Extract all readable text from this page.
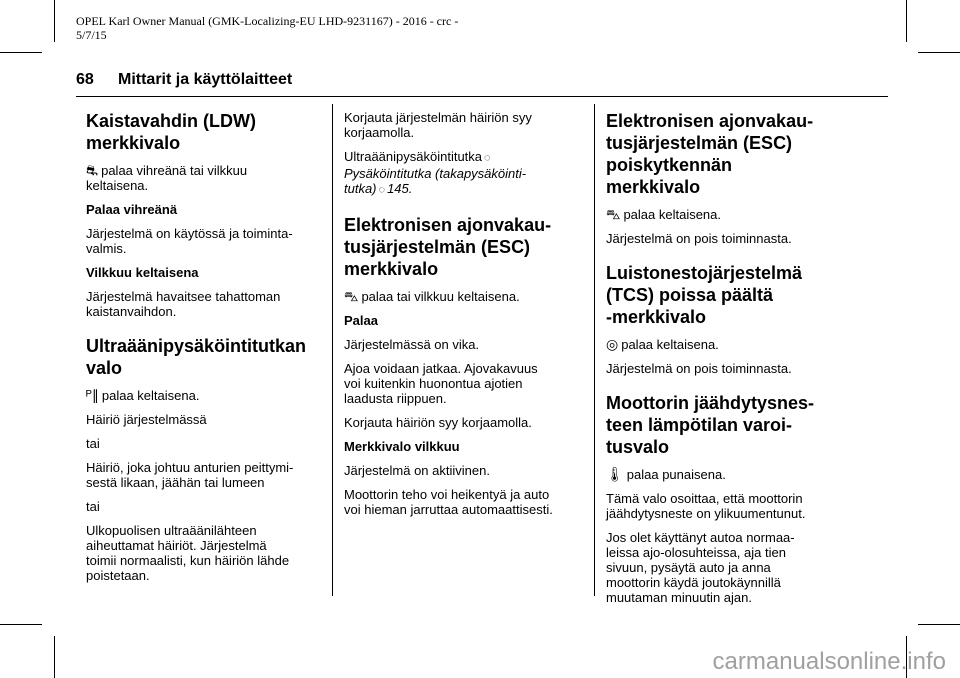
OPEL Karl Owner Manual (GMK-Localizing-EU LHD-9231167) - 2016 - crc -
5/7/15
68 Mittarit ja käyttölaitteet
Kaistavahdin (LDW)
merkkivalo

⛐ palaa vihreänä tai vilkkuu
keltaisena.

Palaa vihreänä

Järjestelmä on käytössä ja toiminta-
valmis.

Vilkkuu keltaisena

Järjestelmä havaitsee tahattoman
kaistanvaihdon.

Ultraäänipysäköintitutkan
valo

ᴾ∥ palaa keltaisena.

Häiriö järjestelmässä

tai

Häiriö, joka johtuu anturien peittymi-
sestä likaan, jäähän tai lumeen

tai

Ulkopuolisen ultraäänilähteen
aiheuttamat häiriöt. Järjestelmä
toimii normaalisti, kun häiriön lähde
poistetaan.

Korjauta järjestelmän häiriön syy
korjaamolla.

Ultraäänipysäköintitutka ◌
Pysäköintitutka (takapysäköinti-
tutka) ◌ 145.

Elektronisen ajonvakau-
tusjärjestelmän (ESC)
merkkivalo

⛍ palaa tai vilkkuu keltaisena.

Palaa

Järjestelmässä on vika.

Ajoa voidaan jatkaa. Ajovakavuus
voi kuitenkin huonontua ajotien
laadusta riippuen.

Korjauta häiriön syy korjaamolla.

Merkkivalo vilkkuu

Järjestelmä on aktiivinen.

Moottorin teho voi heikentyä ja auto
voi hieman jarruttaa automaattisesti.

Elektronisen ajonvakau-
tusjärjestelmän (ESC)
poiskytkennän
merkkivalo

⛍ palaa keltaisena.

Järjestelmä on pois toiminnasta.

Luistonestojärjestelmä
(TCS) poissa päältä
-merkkivalo

◎ palaa keltaisena.

Järjestelmä on pois toiminnasta.

Moottorin jäähdytysnes-
teen lämpötilan varoi-
tusvalo

🌡 palaa punaisena.

Tämä valo osoittaa, että moottorin
jäähdytysneste on ylikuumentunut.

Jos olet käyttänyt autoa normaa-
leissa ajo-olosuhteissa, aja tien
sivuun, pysäytä auto ja anna
moottorin käydä joutokäynnillä
muutaman minuutin ajan.

carmanualsonline.info
